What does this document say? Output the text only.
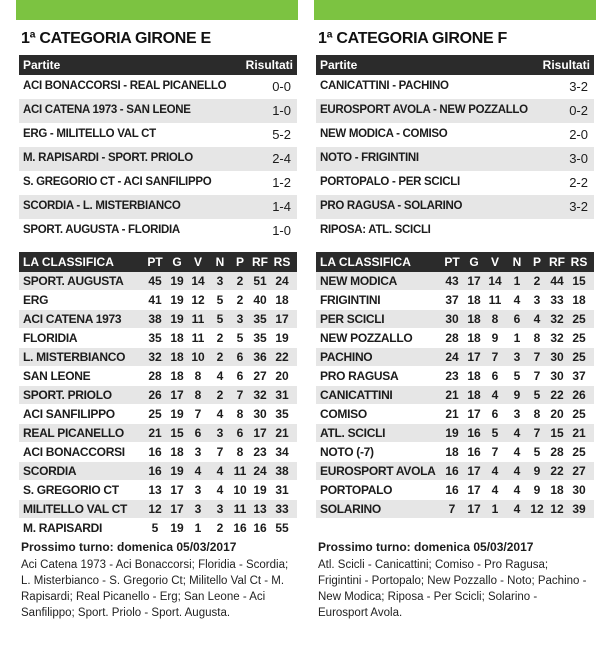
1ª CATEGORIA GIRONE E
Partite	Risultati
ACI BONACCORSI - REAL PICANELLO	0-0
ACI CATENA 1973 - SAN LEONE	1-0
ERG - MILITELLO VAL CT	5-2
M. RAPISARDI - SPORT. PRIOLO	2-4
S. GREGORIO CT - ACI SANFILIPPO	1-2
SCORDIA - L. MISTERBIANCO	1-4
SPORT. AUGUSTA - FLORIDIA	1-0
LA CLASSIFICA	PT G	V	N P RF RS
SPORT. AUGUSTA 45 19 14 3	2 51 24
ERG	41 19 12 5	2 40 18
ACI CATENA 1973 38 19 11	5	3 35 17
FLORIDIA	35 18 11	2	5 35 19
L. MISTERBIANCO 32 18 10 2	6 36 22
SAN LEONE	28 18 8	4	6 27 20
SPORT. PRIOLO	26 17 8	2	7 32 31
ACI SANFILIPPO	25 19 7	4	8 30 35
REAL PICANELLO 21 15 6	3	6 17 21
ACI BONACCORSI 16 18 3	7	8 23 34
SCORDIA	16 19 4	4 11 24 38
S. GREGORIO CT 13 17 3	4 10 19 31
MILITELLO VAL CT 12 17 3	3 11 13 33
M. RAPISARDI	5 19 1	2 16 16 55
Prossimo turno: domenica 05/03/2017
Aci Catena 1973 - Aci Bonaccorsi; Floridia - Scordia; L. Misterbianco - S. Gregorio Ct; Militello Val Ct - M. Rapisardi; Real Picanello - Erg; San Leone - Aci Sanfilippo; Sport. Priolo - Sport. Augusta.
1ª CATEGORIA GIRONE F
Partite	Risultati
CANICATTINI - PACHINO	3-2
EUROSPORT AVOLA - NEW POZZALLO	0-2
NEW MODICA - COMISO	2-0
NOTO - FRIGINTINI	3-0
PORTOPALO - PER SCICLI	2-2
PRO RAGUSA - SOLARINO	3-2
RIPOSA: ATL. SCICLI
LA CLASSIFICA	PT G	V	N P RF RS
NEW MODICA	43 17 14 1	2 44 15
FRIGINTINI	37 18 11	4	3 33 18
PER SCICLI	30 18 8	6	4 32 25
NEW POZZALLO	28 18 9	1	8 32 25
PACHINO	24 17 7	3	7 30 25
PRO RAGUSA	23 18 6	5	7 30 37
CANICATTINI	21 18 4	9	5 22 26
COMISO	21 17 6	3	8 20 25
ATL. SCICLI	19 16 5	4	7 15 21
NOTO (-7)	18 16 7	4	5 28 25
EUROSPORT AVOLA 16 17 4	4	9 22 27
PORTOPALO	16 17 4	4	9 18 30
SOLARINO	7 17 1	4 12 12 39
Prossimo turno: domenica 05/03/2017
Atl. Scicli - Canicattini; Comiso - Pro Ragusa; Frigintini - Portopalo; New Pozzallo - Noto; Pachino - New Modica; Riposa - Per Scicli; Solarino - Eurosport Avola.
